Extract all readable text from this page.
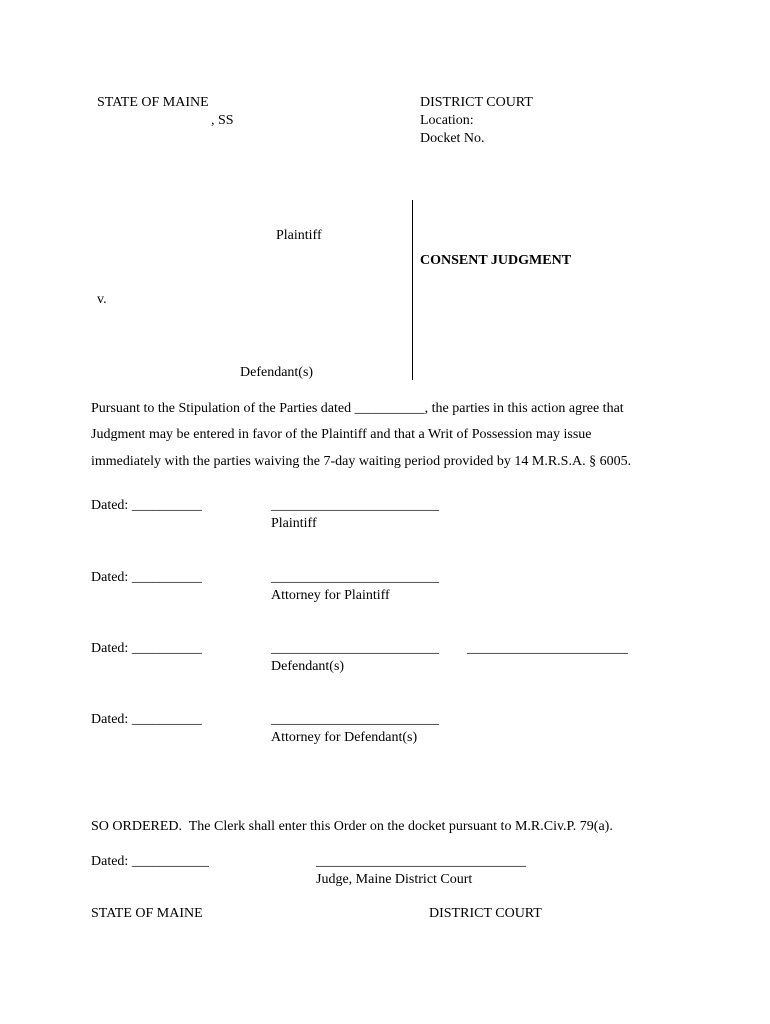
STATE OF MAINE
, SS
DISTRICT COURT
Location:
Docket No.
Plaintiff
v.
Defendant(s)
CONSENT JUDGMENT
Pursuant to the Stipulation of the Parties dated __________, the parties in this action agree that
Judgment may be entered in favor of the Plaintiff and that a Writ of Possession may issue
immediately with the parties waiving the 7-day waiting period provided by 14 M.R.S.A. § 6005.
Dated: __________	________________________
Plaintiff
Dated: __________	________________________
Attorney for Plaintiff
Dated: __________	________________________ _______________________
Defendant(s)
Dated: __________	________________________
Attorney for Defendant(s)
SO ORDERED.  The Clerk shall enter this Order on the docket pursuant to M.R.Civ.P. 79(a).
Dated: ___________	______________________________
Judge, Maine District Court
STATE OF MAINE	DISTRICT COURT
